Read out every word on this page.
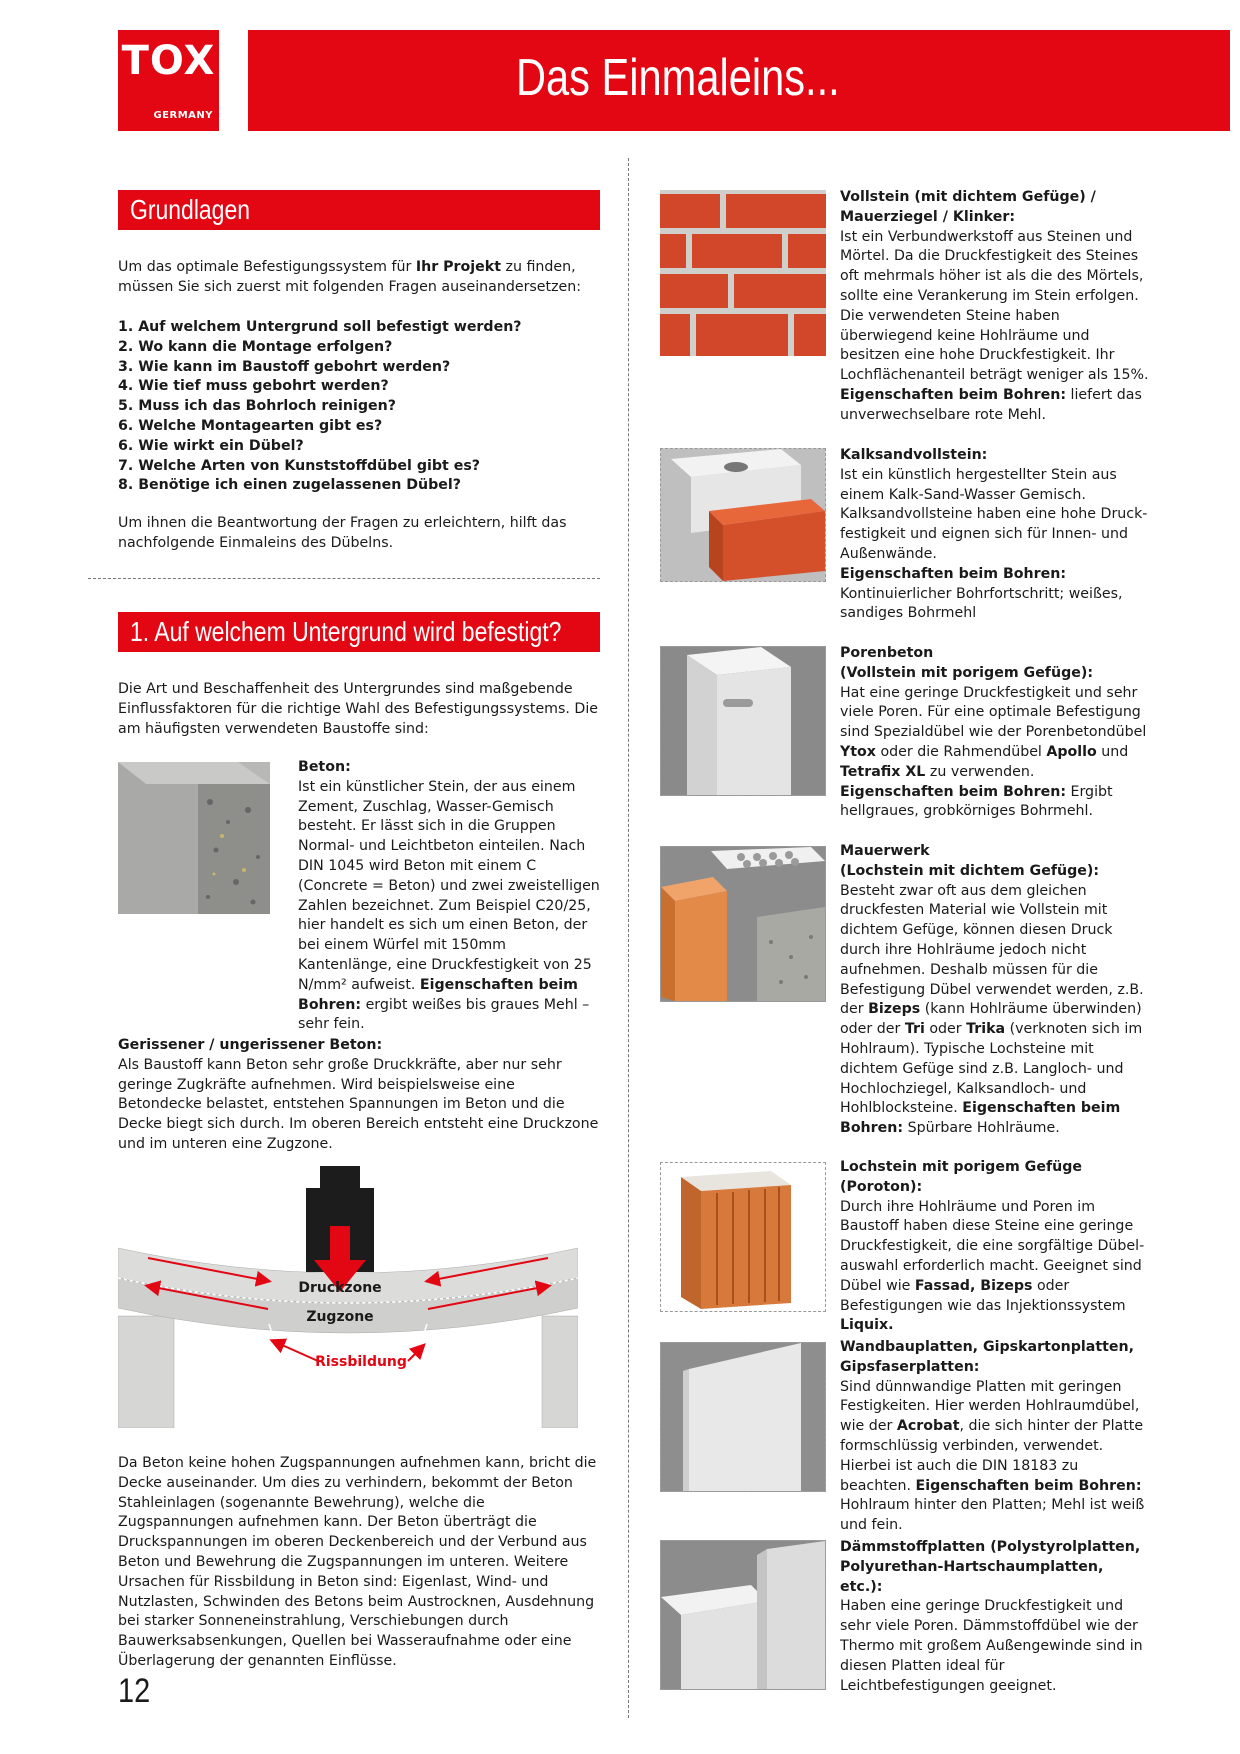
TOX
GERMANY
Das Einmaleins...
Grundlagen
Um das optimale Befestigungssystem für Ihr Projekt zu finden, müssen Sie sich zuerst mit folgenden Fragen auseinandersetzen:
1. Auf welchem Untergrund soll befestigt werden?
2. Wo kann die Montage erfolgen?
3. Wie kann im Baustoff gebohrt werden?
4. Wie tief muss gebohrt werden?
5. Muss ich das Bohrloch reinigen?
6. Welche Montagearten gibt es?
6. Wie wirkt ein Dübel?
7. Welche Arten von Kunststoffdübel gibt es?
8. Benötige ich einen zugelassenen Dübel?
Um ihnen die Beantwortung der Fragen zu erleichtern, hilft das nachfolgende Einmaleins des Dübelns.
1. Auf welchem Untergrund wird befestigt?
Die Art und Beschaffenheit des Untergrundes sind maßgebende Einflussfaktoren für die richtige Wahl des Befestigungssystems. Die am häufigsten verwendeten Baustoffe sind:
Beton:
Ist ein künstlicher Stein, der aus einem Zement, Zuschlag, Wasser-Gemisch besteht. Er lässt sich in die Gruppen Normal- und Leichtbeton einteilen. Nach DIN 1045 wird Beton mit einem C (Concrete = Beton) und zwei zweistelligen Zahlen bezeichnet. Zum Beispiel C20/25, hier handelt es sich um einen Beton, der bei einem Würfel mit 150mm Kantenlänge, eine Druckfestigkeit von 25 N/mm² aufweist. Eigenschaften beim Bohren: ergibt weißes bis graues Mehl – sehr fein.
Gerissener / ungerissener Beton:
Als Baustoff kann Beton sehr große Druckkräfte, aber nur sehr geringe Zugkräfte aufnehmen. Wird beispielsweise eine Betondecke belastet, entstehen Spannungen im Beton und die Decke biegt sich durch. Im oberen Bereich entsteht eine Druckzone und im unteren eine Zugzone.
Druckzone
Zugzone
Rissbildung
Da Beton keine hohen Zugspannungen aufnehmen kann, bricht die Decke auseinander. Um dies zu verhindern, bekommt der Beton Stahleinlagen (sogenannte Bewehrung), welche die Zugspannungen aufnehmen kann. Der Beton überträgt die Druckspannungen im oberen Deckenbereich und der Verbund aus Beton und Bewehrung die Zugspannungen im unteren. Weitere Ursachen für Rissbildung in Beton sind: Eigenlast, Wind- und Nutzlasten, Schwinden des Betons beim Austrocknen, Ausdehnung bei starker Sonneneinstrahlung, Verschiebungen durch Bauwerksabsenkungen, Quellen bei Wasseraufnahme oder eine Überlagerung der genannten Einflüsse.
Vollstein (mit dichtem Gefüge) / Mauerziegel / Klinker:
Ist ein Verbundwerkstoff aus Steinen und Mörtel. Da die Druckfestigkeit des Steines oft mehrmals höher ist als die des Mörtels, sollte eine Verankerung im Stein erfolgen. Die verwendeten Steine haben überwiegend keine Hohlräume und besitzen eine hohe Druckfestigkeit. Ihr Lochflächenanteil beträgt weniger als 15%. Eigenschaften beim Bohren: liefert das unverwechselbare rote Mehl.
Kalksandvollstein:
Ist ein künstlich hergestellter Stein aus einem Kalk-Sand-Wasser Gemisch. Kalksandvollsteine haben eine hohe Druck-festigkeit und eignen sich für Innen- und Außenwände.
Eigenschaften beim Bohren:
Kontinuierlicher Bohrfortschritt; weißes, sandiges Bohrmehl
Porenbeton
(Vollstein mit porigem Gefüge):
Hat eine geringe Druckfestigkeit und sehr viele Poren. Für eine optimale Befestigung sind Spezialdübel wie der Porenbetondübel Ytox oder die Rahmendübel Apollo und Tetrafix XL zu verwenden. Eigenschaften beim Bohren: Ergibt hellgraues, grobkörniges Bohrmehl.
Mauerwerk
(Lochstein mit dichtem Gefüge):
Besteht zwar oft aus dem gleichen druckfesten Material wie Vollstein mit dichtem Gefüge, können diesen Druck durch ihre Hohlräume jedoch nicht aufnehmen. Deshalb müssen für die Befestigung Dübel verwendet werden, z.B. der Bizeps (kann Hohlräume überwinden) oder der Tri oder Trika (verknoten sich im Hohlraum). Typische Lochsteine mit dichtem Gefüge sind z.B. Langloch- und Hochlochziegel, Kalksandloch- und Hohlblocksteine. Eigenschaften beim Bohren: Spürbare Hohlräume.
Lochstein mit porigem Gefüge (Poroton):
Durch ihre Hohlräume und Poren im Baustoff haben diese Steine eine geringe Druckfestigkeit, die eine sorgfältige Dübel-auswahl erforderlich macht. Geeignet sind Dübel wie Fassad, Bizeps oder Befestigungen wie das Injektionssystem Liquix.
Wandbauplatten, Gipskartonplatten, Gipsfaserplatten:
Sind dünnwandige Platten mit geringen Festigkeiten. Hier werden Hohlraumdübel, wie der Acrobat, die sich hinter der Platte formschlüssig verbinden, verwendet. Hierbei ist auch die DIN 18183 zu beachten. Eigenschaften beim Bohren: Hohlraum hinter den Platten; Mehl ist weiß und fein.
Dämmstoffplatten (Polystyrolplatten, Polyurethan-Hartschaumplatten, etc.):
Haben eine geringe Druckfestigkeit und sehr viele Poren. Dämmstoffdübel wie der Thermo mit großem Außengewinde sind in diesen Platten ideal für Leichtbefestigungen geeignet.
12
